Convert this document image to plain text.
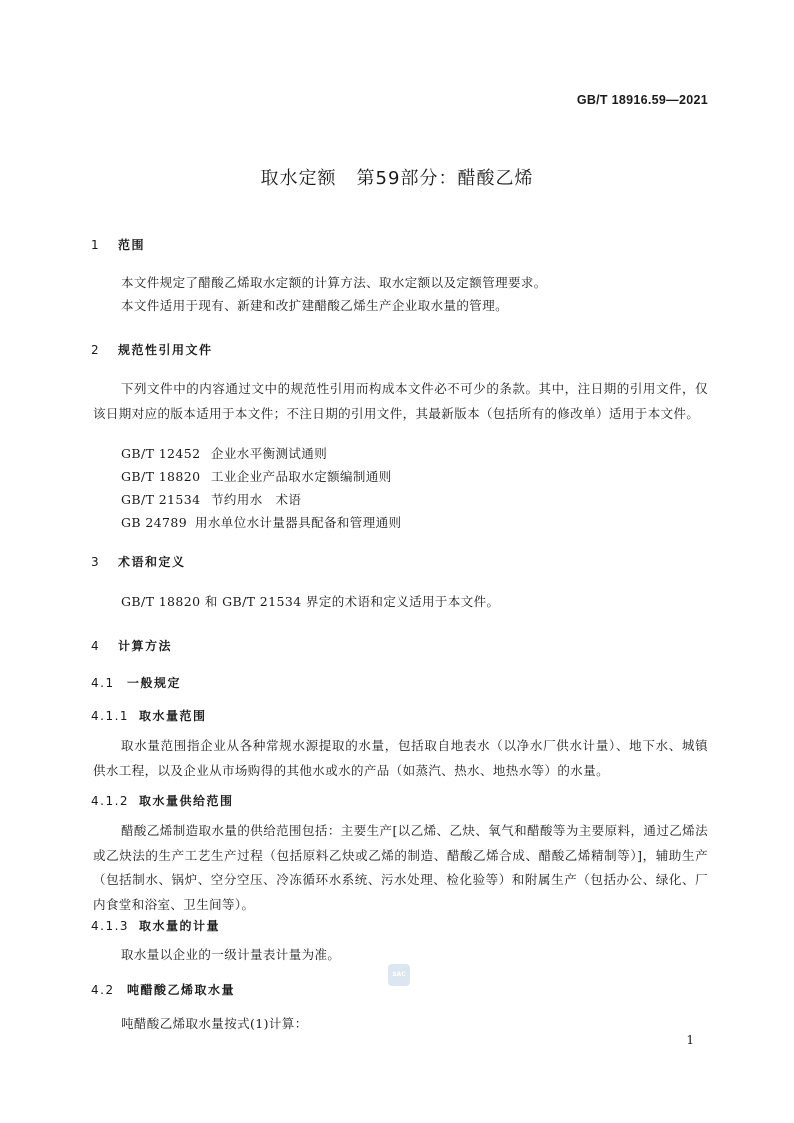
GB/T 18916.59—2021
取水定额 第59部分：醋酸乙烯
1 范围
本文件规定了醋酸乙烯取水定额的计算方法、取水定额以及定额管理要求。
本文件适用于现有、新建和改扩建醋酸乙烯生产企业取水量的管理。
2 规范性引用文件
下列文件中的内容通过文中的规范性引用而构成本文件必不可少的条款。其中，注日期的引用文件，仅该日期对应的版本适用于本文件；不注日期的引用文件，其最新版本（包括所有的修改单）适用于本文件。
GB/T 12452 企业水平衡测试通则
GB/T 18820 工业企业产品取水定额编制通则
GB/T 21534 节约用水　术语
GB 24789 用水单位水计量器具配备和管理通则
3 术语和定义
GB/T 18820 和 GB/T 21534 界定的术语和定义适用于本文件。
4 计算方法
4.1 一般规定
4.1.1 取水量范围
取水量范围指企业从各种常规水源提取的水量，包括取自地表水（以净水厂供水计量）、地下水、城镇供水工程，以及企业从市场购得的其他水或水的产品（如蒸汽、热水、地热水等）的水量。
4.1.2 取水量供给范围
醋酸乙烯制造取水量的供给范围包括：主要生产[以乙烯、乙炔、氧气和醋酸等为主要原料，通过乙烯法或乙炔法的生产工艺生产过程（包括原料乙炔或乙烯的制造、醋酸乙烯合成、醋酸乙烯精制等）]，辅助生产（包括制水、锅炉、空分空压、冷冻循环水系统、污水处理、检化验等）和附属生产（包括办公、绿化、厂内食堂和浴室、卫生间等）。
4.1.3 取水量的计量
取水量以企业的一级计量表计量为准。
SAC
4.2 吨醋酸乙烯取水量
吨醋酸乙烯取水量按式(1)计算：
1
